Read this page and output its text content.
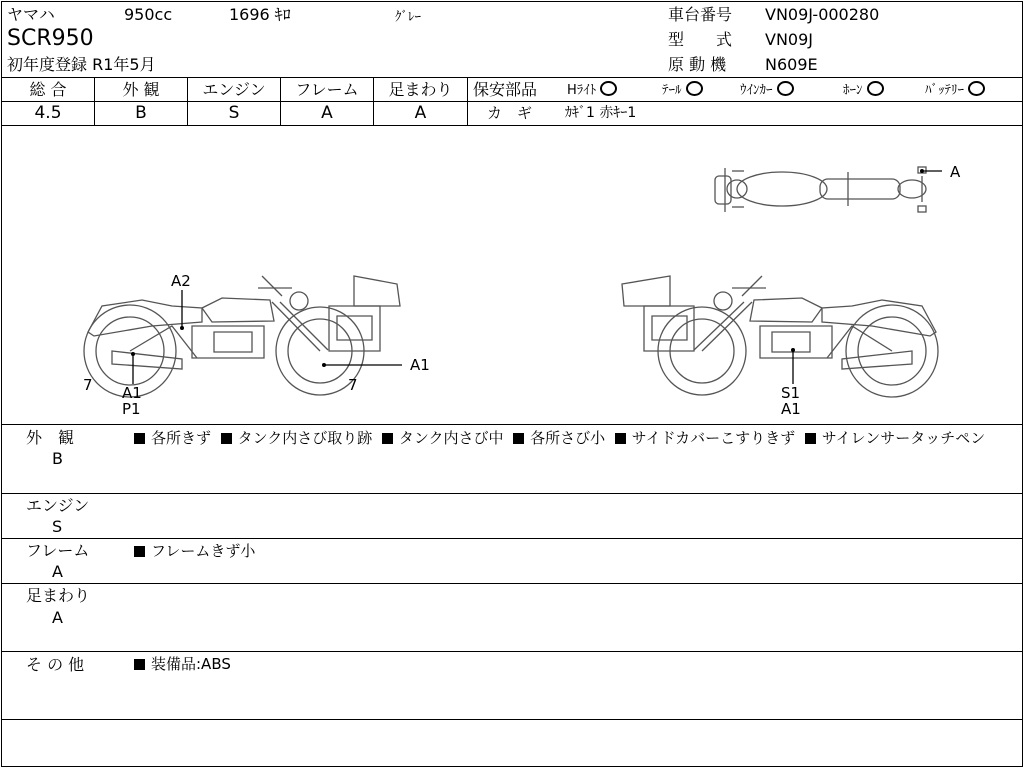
ヤマハ	950cc	1696 ｷﾛ	ｸﾞﾚｰ
SCR950
初年度登録 R1年5月
車台番号 VN09J-000280
型　　式 VN09J
原 動 機 N609E
総 合
4.5
外 観
B
エンジン
S
フレーム
A
足まわり
A
保安部品 Hﾗｲﾄ	ﾃｰﾙ	ｳｲﾝｶｰ	ﾎｰﾝ	ﾊﾞｯﾃﾘｰ
カ　ギ ｶｷﾞ1 赤ｷｰ1
A
A2
7 A1
P1
A1
7	S1
A1
外　観
B
各所きず タンク内さび取り跡 タンク内さび中 各所さび小 サイドカバーこすりきず サイレンサータッチペン
エンジン
S
フレーム
A
フレームきず小
足まわり
A
そ の 他	装備品:ABS
